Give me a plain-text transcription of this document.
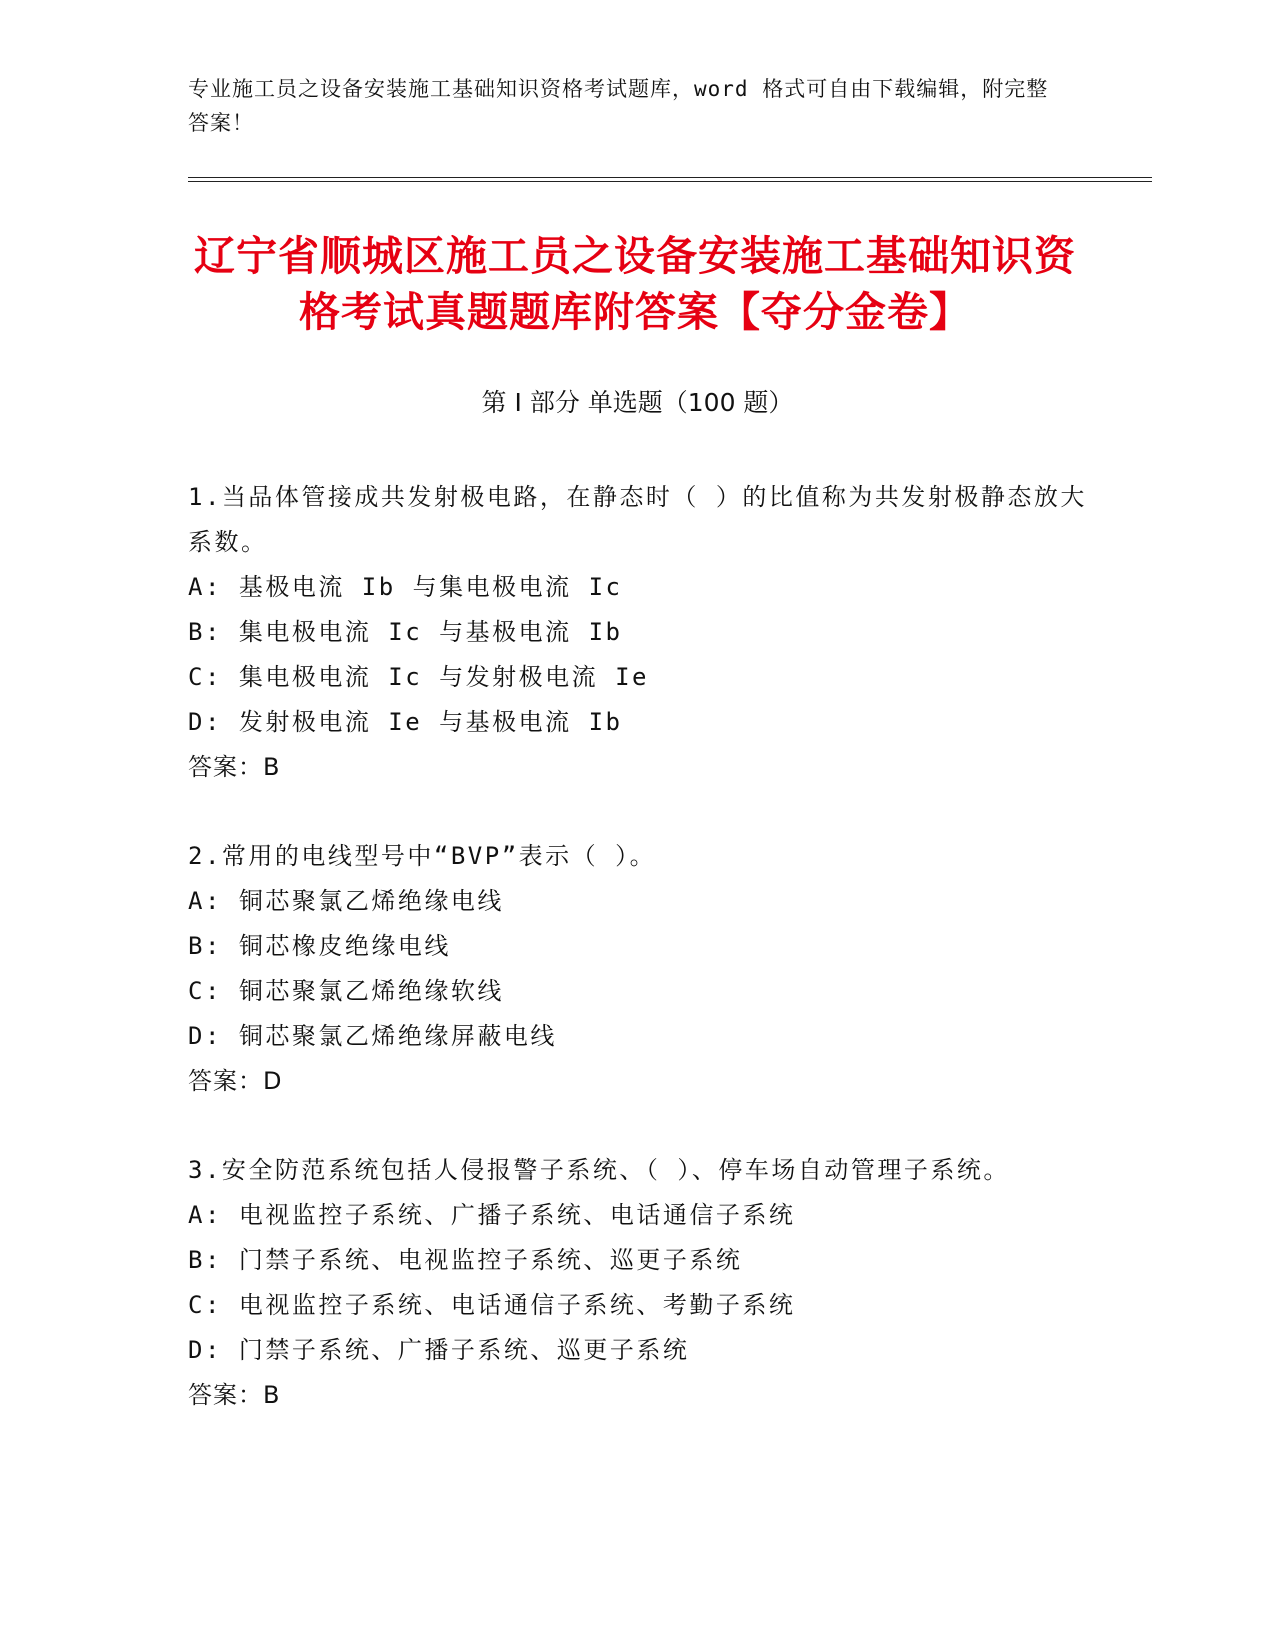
专业施工员之设备安装施工基础知识资格考试题库，word 格式可自由下载编辑，附完整答案！
辽宁省顺城区施工员之设备安装施工基础知识资格考试真题题库附答案【夺分金卷】
第 I 部分 单选题（100 题）

1.当品体管接成共发射极电路，在静态时（ ）的比值称为共发射极静态放大系数。

A: 基极电流 Ib 与集电极电流 Ic

B: 集电极电流 Ic 与基极电流 Ib

C: 集电极电流 Ic 与发射极电流 Ie

D: 发射极电流 Ie 与基极电流 Ib

答案：B

2.常用的电线型号中“BVP”表示（ ）。

A: 铜芯聚氯乙烯绝缘电线

B: 铜芯橡皮绝缘电线

C: 铜芯聚氯乙烯绝缘软线

D: 铜芯聚氯乙烯绝缘屏蔽电线

答案：D

3.安全防范系统包括人侵报警子系统、（ ）、停车场自动管理子系统。

A: 电视监控子系统、广播子系统、电话通信子系统

B: 门禁子系统、电视监控子系统、巡更子系统

C: 电视监控子系统、电话通信子系统、考勤子系统

D: 门禁子系统、广播子系统、巡更子系统

答案：B
